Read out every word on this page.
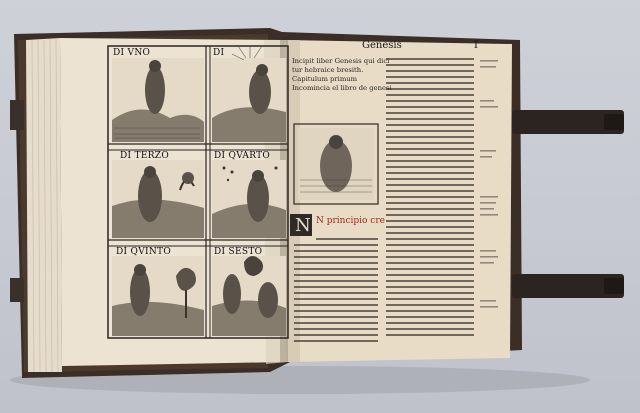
N
DI VNO	DI
DI TERZO	DI QVARTO
DI QVINTO	DI SESTO
Genesis	I
Incipit liber Genesis qui dici
tur hebraice bresith.
Capitulum primum
Incomincia el libro de genesi
N principio cre
